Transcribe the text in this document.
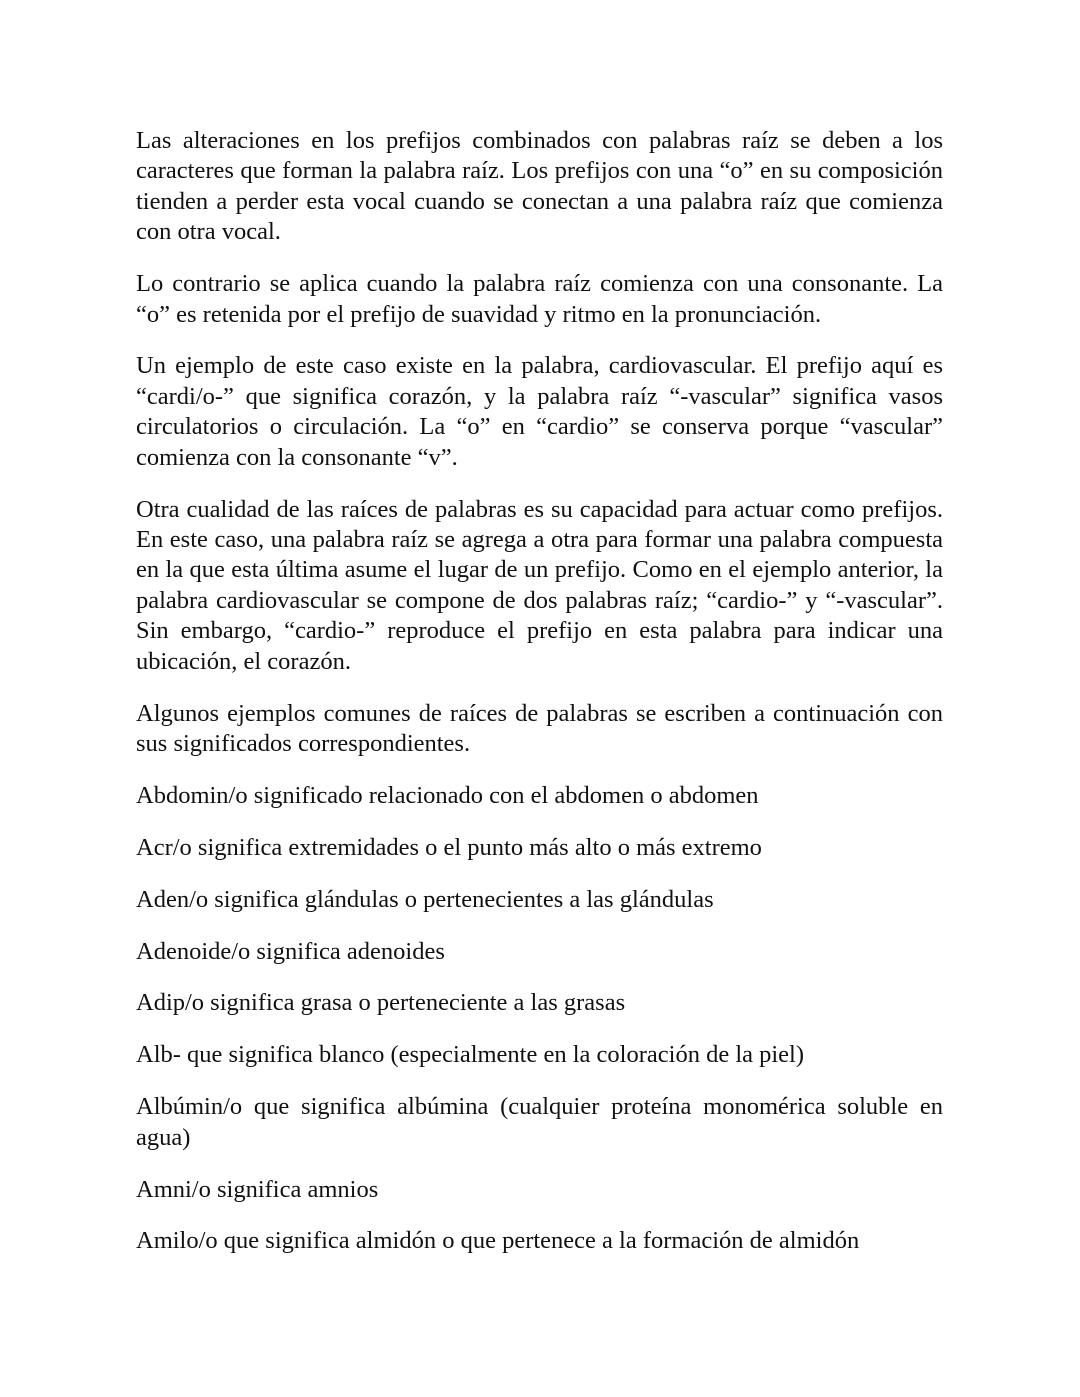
Las alteraciones en los prefijos combinados con palabras raíz se deben a los caracteres que forman la palabra raíz. Los prefijos con una “o” en su composición tienden a perder esta vocal cuando se conectan a una palabra raíz que comienza con otra vocal.

Lo contrario se aplica cuando la palabra raíz comienza con una consonante. La “o” es retenida por el prefijo de suavidad y ritmo en la pronunciación.

Un ejemplo de este caso existe en la palabra, cardiovascular. El prefijo aquí es “cardi/o-” que significa corazón, y la palabra raíz “-vascular” significa vasos circulatorios o circulación. La “o” en “cardio” se conserva porque “vascular” comienza con la consonante “v”.

Otra cualidad de las raíces de palabras es su capacidad para actuar como prefijos. En este caso, una palabra raíz se agrega a otra para formar una palabra compuesta en la que esta última asume el lugar de un prefijo. Como en el ejemplo anterior, la palabra cardiovascular se compone de dos palabras raíz; “cardio-” y “-vascular”. Sin embargo, “cardio-” reproduce el prefijo en esta palabra para indicar una ubicación, el corazón.

Algunos ejemplos comunes de raíces de palabras se escriben a continuación con sus significados correspondientes.

Abdomin/o significado relacionado con el abdomen o abdomen

Acr/o significa extremidades o el punto más alto o más extremo

Aden/o significa glándulas o pertenecientes a las glándulas

Adenoide/o significa adenoides

Adip/o significa grasa o perteneciente a las grasas

Alb- que significa blanco (especialmente en la coloración de la piel)

Albúmin/o que significa albúmina (cualquier proteína monomérica soluble en agua)

Amni/o significa amnios

Amilo/o que significa almidón o que pertenece a la formación de almidón
